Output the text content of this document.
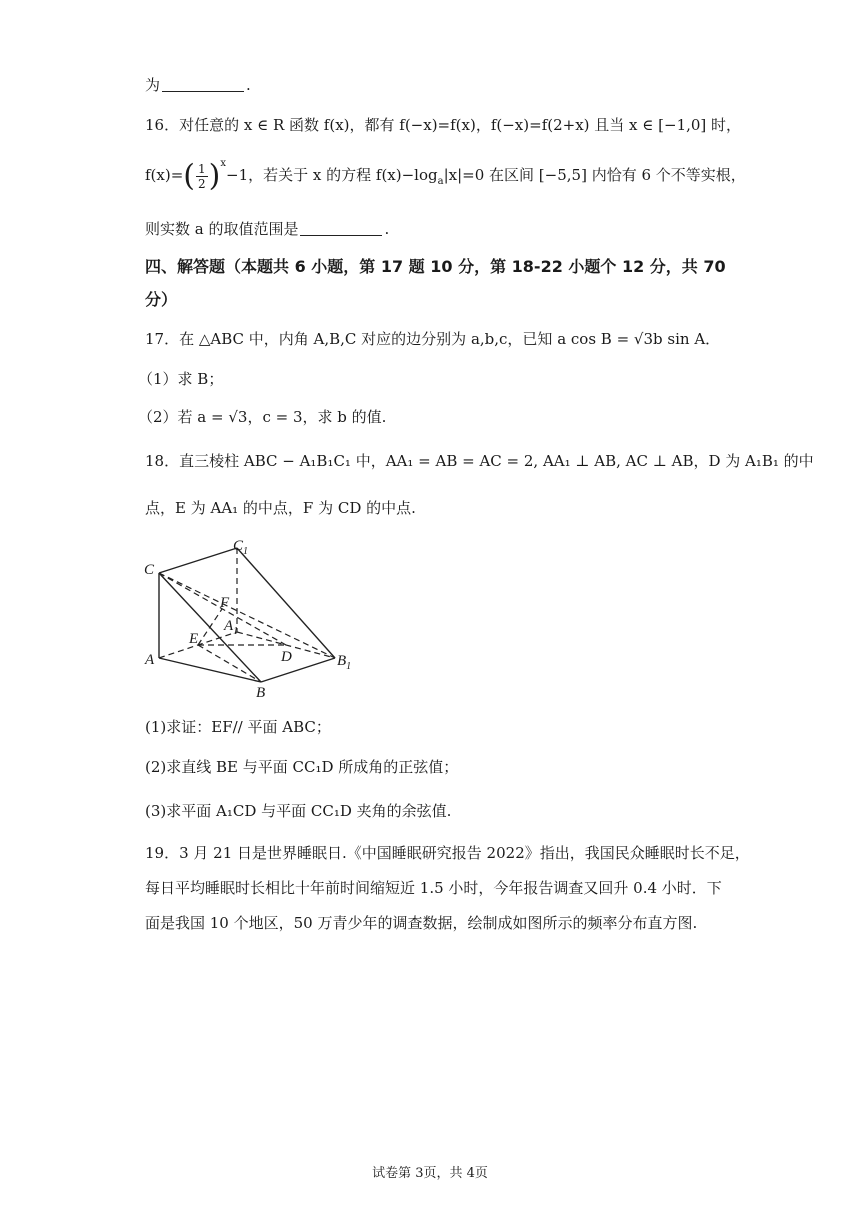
为	.
16．对任意的 x ∈ R 函数 f(x)，都有 f(−x)=f(x)，f(−x)=f(2+x) 且当 x ∈ [−1,0] 时，
$f(x)=( \frac{1}{2} )^x-1$，若关于 x 的方程 $f(x)-\log_a|x|=0$ 在区间 [−5,5] 内恰有 6 个不等实根，
则实数 a 的取值范围是	.
四、解答题（本题共 6 小题，第 17 题 10 分，第 18-22 小题个 12 分，共 70
分）
17．在 △ABC 中，内角 A,B,C 对应的边分别为 a,b,c，已知 a cos B = √3b sin A．
（1）求 B；
（2）若 a = √3，c = 3，求 b 的值.
18．直三棱柱 ABC − A₁B₁C₁ 中，AA₁ = AB = AC = 2, AA₁ ⊥ AB, AC ⊥ AB，D 为 A₁B₁ 的中
点，E 为 AA₁ 的中点，F 为 CD 的中点.
C
$C_1$
F
$A_1$
E
A	D	$B_1$
B
(1)求证：EF// 平面 ABC；
(2)求直线 BE 与平面 CC₁D 所成角的正弦值；
(3)求平面 A₁CD 与平面 CC₁D 夹角的余弦值.
19．3 月 21 日是世界睡眠日.《中国睡眠研究报告 2022》指出，我国民众睡眠时长不足，
每日平均睡眠时长相比十年前时间缩短近 1.5 小时，今年报告调查又回升 0.4 小时．下
面是我国 10 个地区，50 万青少年的调查数据，绘制成如图所示的频率分布直方图.
试卷第 3页，共 4页
